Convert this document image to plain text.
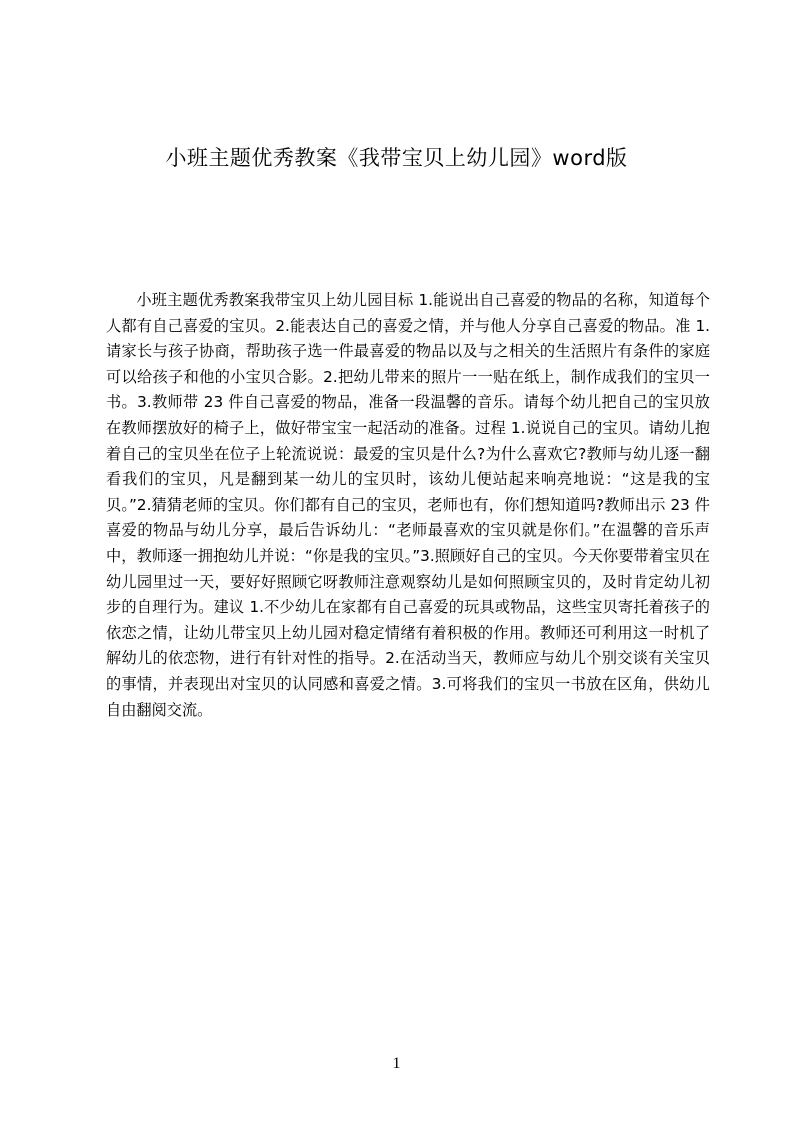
小班主题优秀教案《我带宝贝上幼儿园》word版

小班主题优秀教案我带宝贝上幼儿园目标 1.能说出自己喜爱的物品的名称，知道每个人都有自己喜爱的宝贝。2.能表达自己的喜爱之情，并与他人分享自己喜爱的物品。准 1.请家长与孩子协商，帮助孩子选一件最喜爱的物品以及与之相关的生活照片有条件的家庭可以给孩子和他的小宝贝合影。2.把幼儿带来的照片一一贴在纸上，制作成我们的宝贝一书。3.教师带 23 件自己喜爱的物品，准备一段温馨的音乐。请每个幼儿把自己的宝贝放在教师摆放好的椅子上，做好带宝宝一起活动的准备。过程 1.说说自己的宝贝。请幼儿抱着自己的宝贝坐在位子上轮流说说：最爱的宝贝是什么?为什么喜欢它?教师与幼儿逐一翻看我们的宝贝，凡是翻到某一幼儿的宝贝时，该幼儿便站起来响亮地说：“这是我的宝贝。”2.猜猜老师的宝贝。你们都有自己的宝贝，老师也有，你们想知道吗?教师出示 23 件喜爱的物品与幼儿分享，最后告诉幼儿：“老师最喜欢的宝贝就是你们。”在温馨的音乐声中，教师逐一拥抱幼儿并说：“你是我的宝贝。”3.照顾好自己的宝贝。今天你要带着宝贝在幼儿园里过一天，要好好照顾它呀教师注意观察幼儿是如何照顾宝贝的，及时肯定幼儿初步的自理行为。建议 1.不少幼儿在家都有自己喜爱的玩具或物品，这些宝贝寄托着孩子的依恋之情，让幼儿带宝贝上幼儿园对稳定情绪有着积极的作用。教师还可利用这一时机了解幼儿的依恋物，进行有针对性的指导。2.在活动当天，教师应与幼儿个别交谈有关宝贝的事情，并表现出对宝贝的认同感和喜爱之情。3.可将我们的宝贝一书放在区角，供幼儿自由翻阅交流。

1
